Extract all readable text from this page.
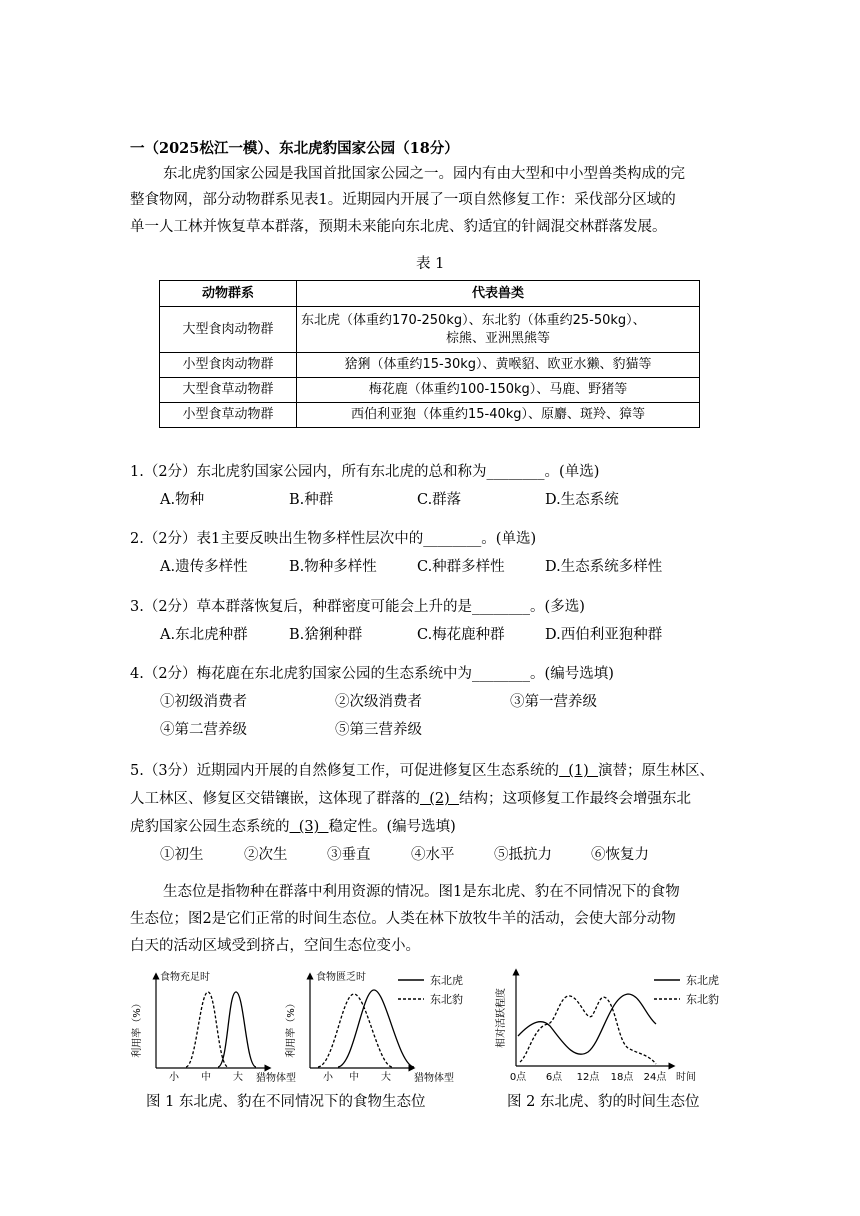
一（2025松江一模）、东北虎豹国家公园（18分）
东北虎豹国家公园是我国首批国家公园之一。园内有由大型和中小型兽类构成的完
整食物网，部分动物群系见表1。近期园内开展了一项自然修复工作：采伐部分区域的
单一人工林并恢复草本群落，预期未来能向东北虎、豹适宜的针阔混交林群落发展。
表 1
动物群系	代表兽类
大型食肉动物群	东北虎（体重约170-250kg）、东北豹（体重约25-50kg）、
棕熊、亚洲黑熊等

小型食肉动物群	猞猁（体重约15-30kg）、黄喉貂、欧亚水獭、豹猫等
大型食草动物群	梅花鹿（体重约100-150kg）、马鹿、野猪等
小型食草动物群	西伯利亚狍（体重约15-40kg）、原麝、斑羚、獐等
1.（2分）东北虎豹国家公园内，所有东北虎的总和称为________。(单选)
A.物种	B.种群	C.群落	D.生态系统
2.（2分）表1主要反映出生物多样性层次中的________。(单选)
A.遗传多样性	B.物种多样性	C.种群多样性	D.生态系统多样性
3.（2分）草本群落恢复后，种群密度可能会上升的是________。(多选)
A.东北虎种群	B.猞猁种群	C.梅花鹿种群	D.西伯利亚狍种群
4.（2分）梅花鹿在东北虎豹国家公园的生态系统中为________。(编号选填)
①初级消费者	②次级消费者	③第一营养级
④第二营养级	⑤第三营养级
5.（3分）近期园内开展的自然修复工作，可促进修复区生态系统的  (1)  演替；原生林区、
人工林区、修复区交错镶嵌，这体现了群落的  (2)  结构；这项修复工作最终会增强东北
虎豹国家公园生态系统的  (3)  稳定性。(编号选填)
①初生	②次生	③垂直	④水平	⑤抵抗力	⑥恢复力
生态位是指物种在群落中利用资源的情况。图1是东北虎、豹在不同情况下的食物
生态位；图2是它们正常的时间生态位。人类在林下放牧牛羊的活动，会使大部分动物
白天的活动区域受到挤占，空间生态位变小。
食物充足时
利用率（%）
小 中 大 猎物体型
食物匮乏时
利用率（%）
小 中 大 猎物体型
东北虎
东北豹
图 1 东北虎、豹在不同情况下的食物生态位
相对活跃程度
0点 6点 12点 18点 24点 时间
东北虎
东北豹
图 2 东北虎、豹的时间生态位
